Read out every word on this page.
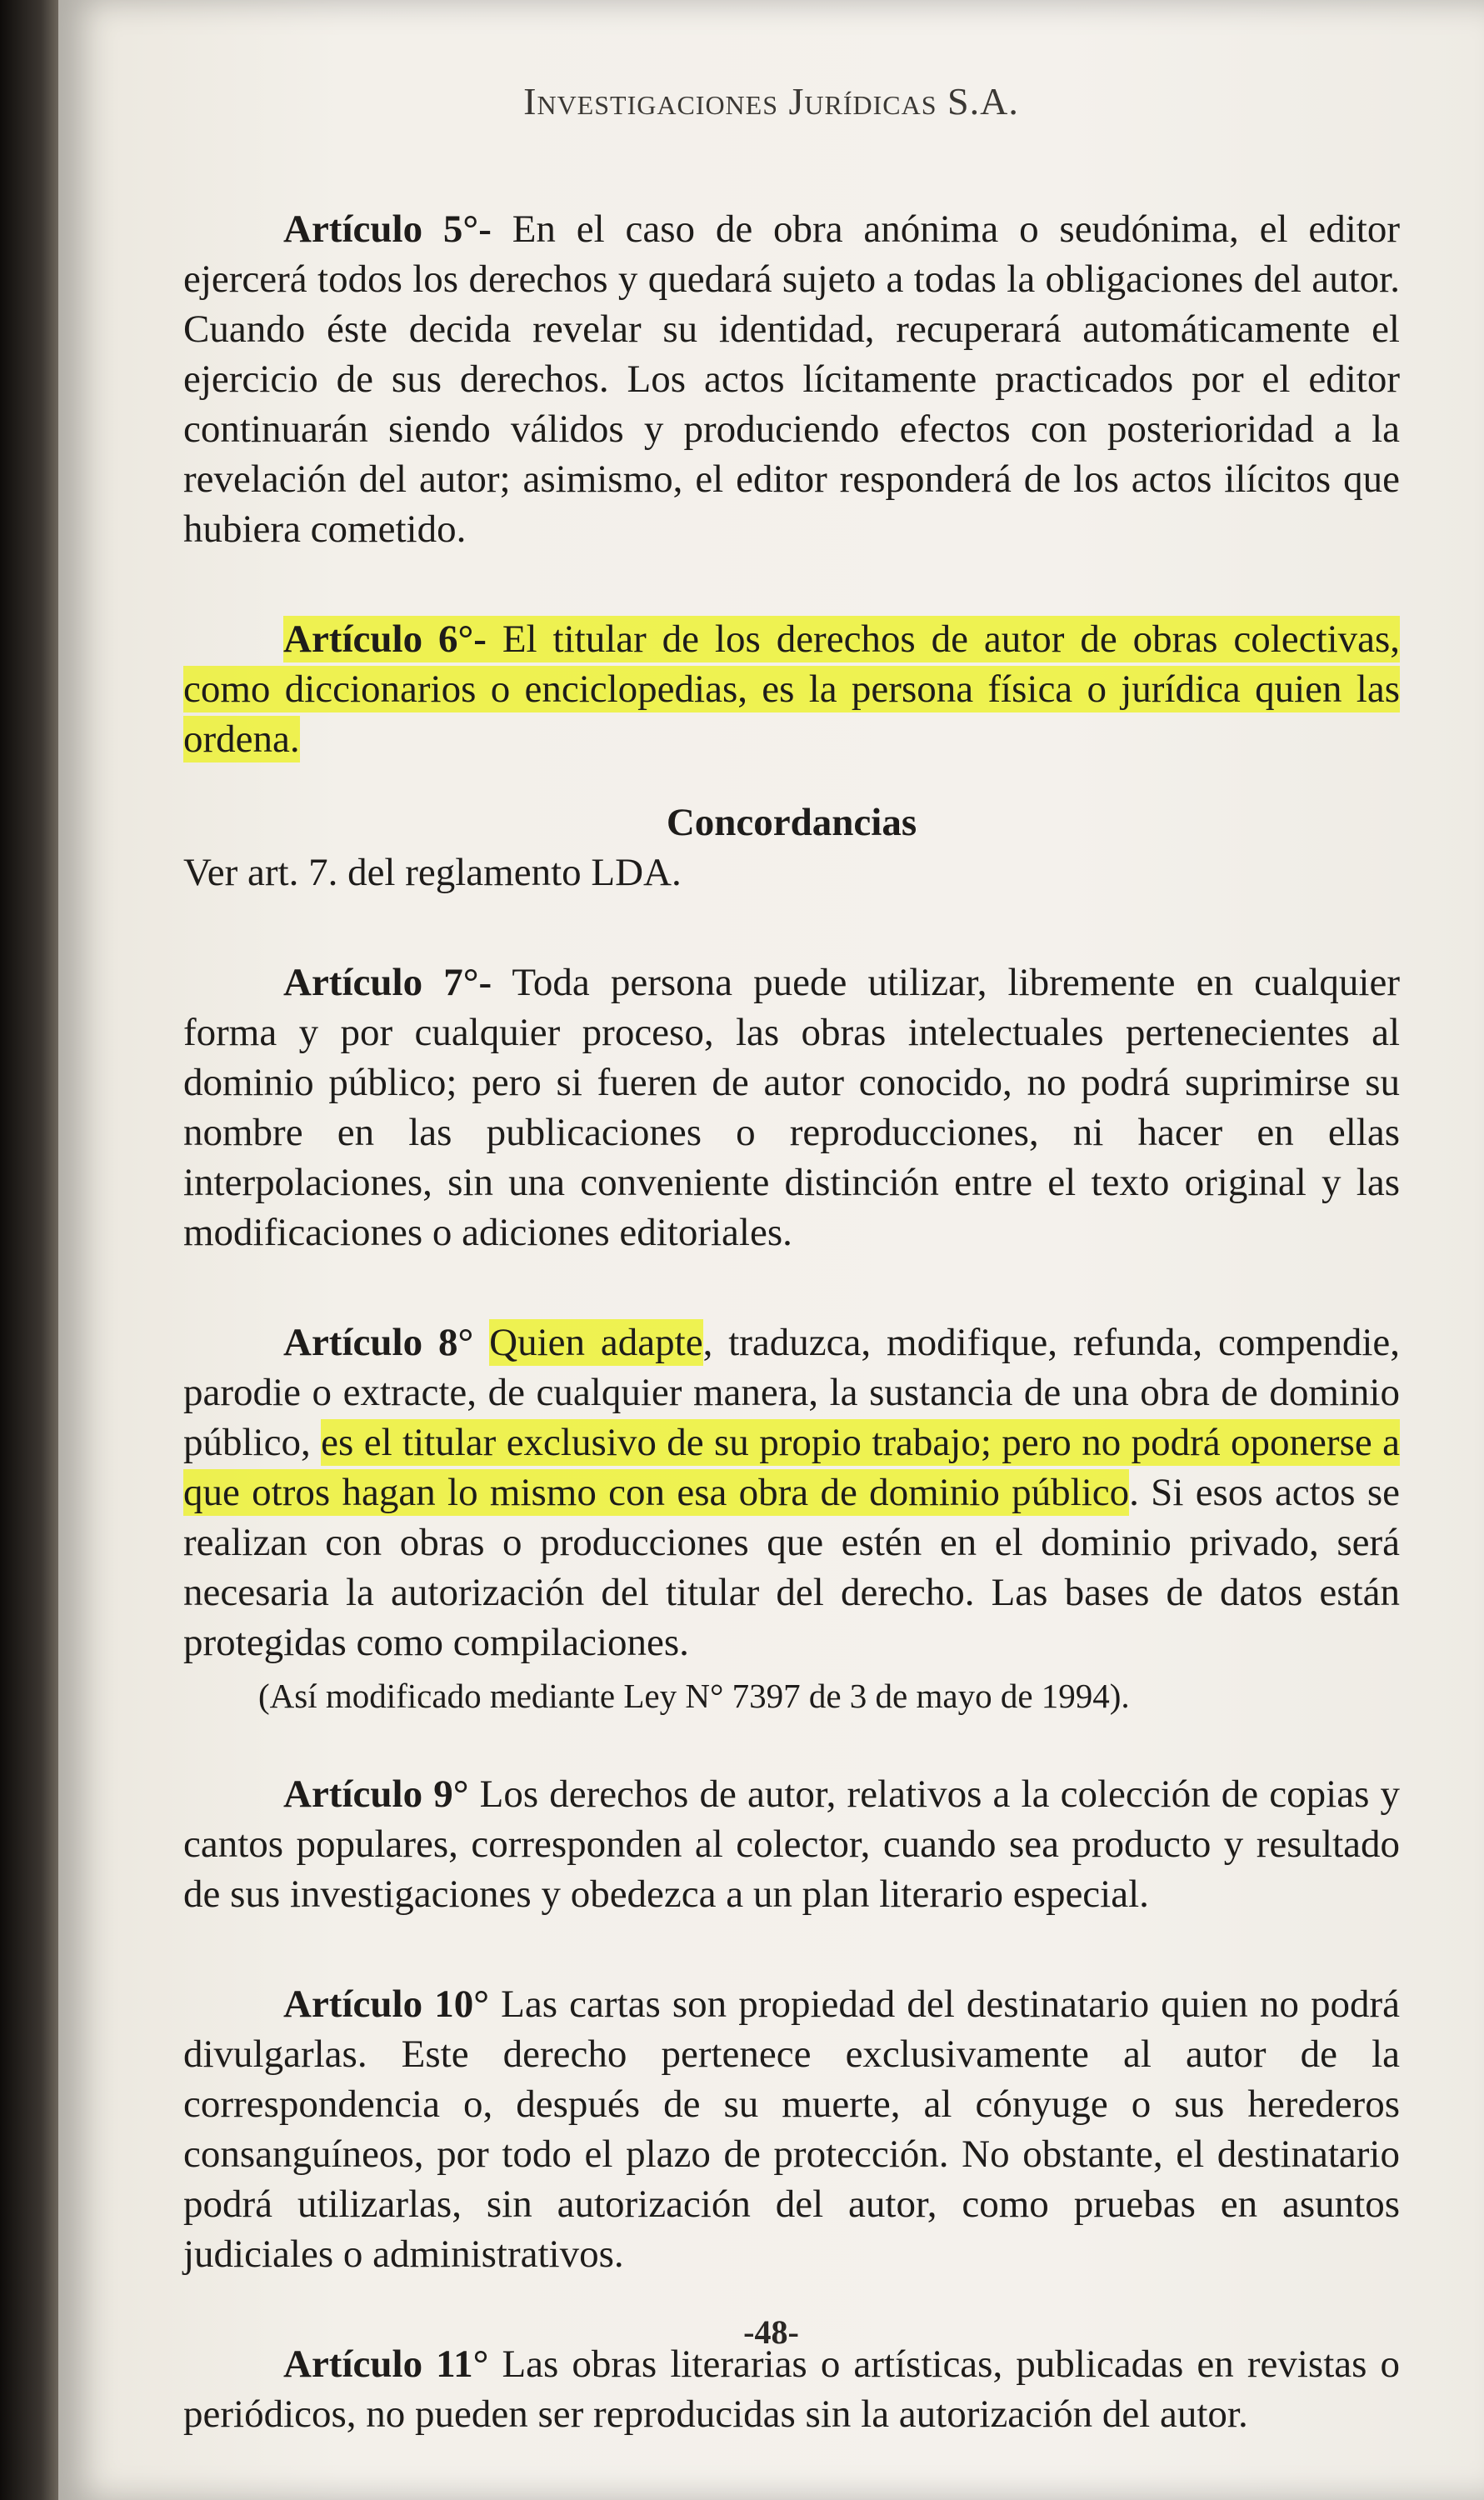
Investigaciones Jurídicas S.A.

Artículo 5°- En el caso de obra anónima o seudónima, el editor ejercerá todos los derechos y quedará sujeto a todas la obligaciones del autor. Cuando éste decida revelar su identidad, recuperará automáticamente el ejercicio de sus derechos. Los actos lícitamente practicados por el editor continuarán siendo válidos y produciendo efectos con posterioridad a la revelación del autor; asimismo, el editor responderá de los actos ilícitos que hubiera cometido.

Artículo 6°- El titular de los derechos de autor de obras colectivas, como diccionarios o enciclopedias, es la persona física o jurídica quien las ordena.

Concordancias

Ver art. 7. del reglamento LDA.

Artículo 7°- Toda persona puede utilizar, libremente en cualquier forma y por cualquier proceso, las obras intelectuales pertenecientes al dominio público; pero si fueren de autor conocido, no podrá suprimirse su nombre en las publicaciones o reproducciones, ni hacer en ellas interpolaciones, sin una conveniente distinción entre el texto original y las modificaciones o adiciones editoriales.

Artículo 8° Quien adapte, traduzca, modifique, refunda, compendie, parodie o extracte, de cualquier manera, la sustancia de una obra de dominio público, es el titular exclusivo de su propio trabajo; pero no podrá oponerse a que otros hagan lo mismo con esa obra de dominio público. Si esos actos se realizan con obras o producciones que estén en el dominio privado, será necesaria la autorización del titular del derecho. Las bases de datos están protegidas como compilaciones.

(Así modificado mediante Ley N° 7397 de 3 de mayo de 1994).

Artículo 9° Los derechos de autor, relativos a la colección de copias y cantos populares, corresponden al colector, cuando sea producto y resultado de sus investigaciones y obedezca a un plan literario especial.

Artículo 10° Las cartas son propiedad del destinatario quien no podrá divulgarlas. Este derecho pertenece exclusivamente al autor de la correspondencia o, después de su muerte, al cónyuge o sus herederos consanguíneos, por todo el plazo de protección. No obstante, el destinatario podrá utilizarlas, sin autorización del autor, como pruebas en asuntos judiciales o administrativos.

Artículo 11° Las obras literarias o artísticas, publicadas en revistas o periódicos, no pueden ser reproducidas sin la autorización del autor.

-48-
